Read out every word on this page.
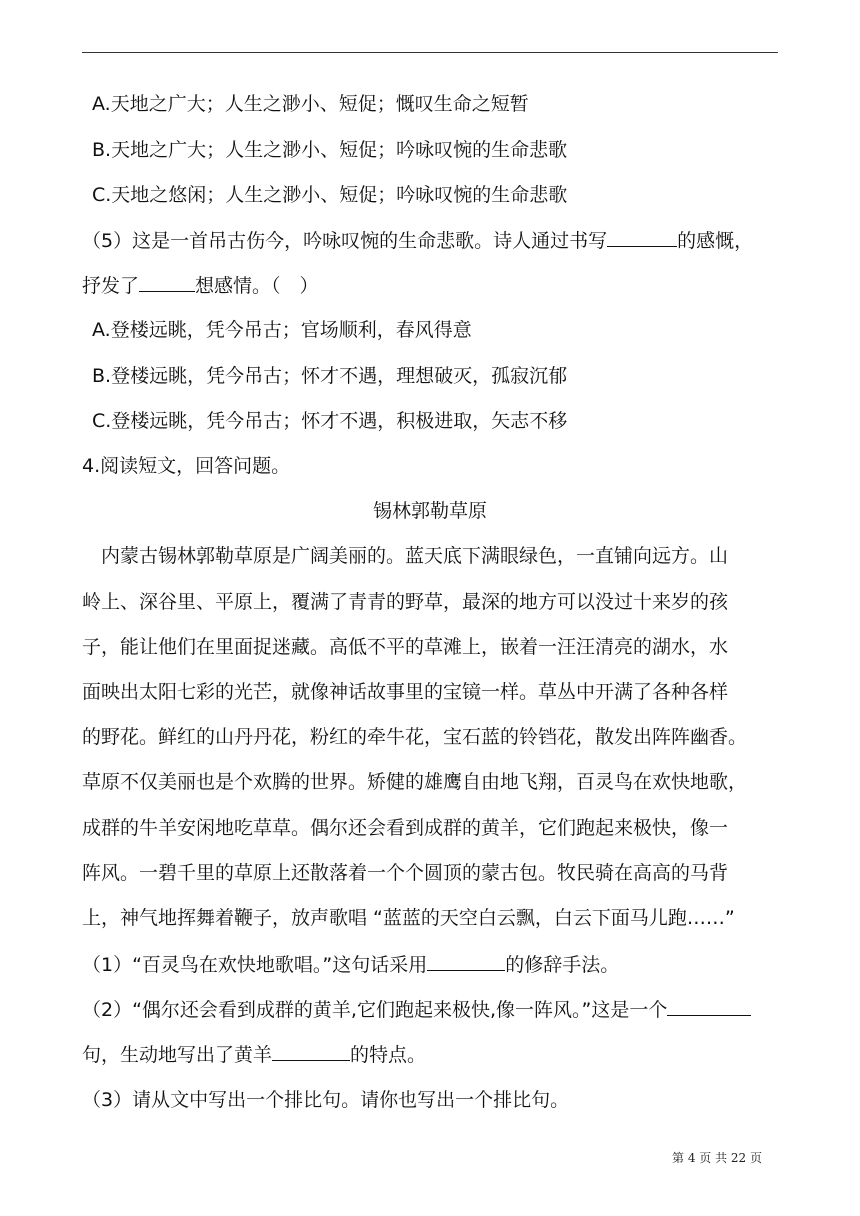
A.天地之广大；人生之渺小、短促；慨叹生命之短暂
B.天地之广大；人生之渺小、短促；吟咏叹惋的生命悲歌
C.天地之悠闲；人生之渺小、短促；吟咏叹惋的生命悲歌
（5）这是一首吊古伤今，吟咏叹惋的生命悲歌。诗人通过书写	的感慨，
抒发了	想感情。（　）
A.登楼远眺，凭今吊古；官场顺利，春风得意
B.登楼远眺，凭今吊古；怀才不遇，理想破灭，孤寂沉郁
C.登楼远眺，凭今吊古；怀才不遇，积极进取，矢志不移
4.阅读短文，回答问题。
锡林郭勒草原
　内蒙古锡林郭勒草原是广阔美丽的。蓝天底下满眼绿色，一直铺向远方。山
岭上、深谷里、平原上，覆满了青青的野草，最深的地方可以没过十来岁的孩
子，能让他们在里面捉迷藏。高低不平的草滩上，嵌着一汪汪清亮的湖水，水
面映出太阳七彩的光芒，就像神话故事里的宝镜一样。草丛中开满了各种各样
的野花。鲜红的山丹丹花，粉红的牵牛花，宝石蓝的铃铛花，散发出阵阵幽香。
草原不仅美丽也是个欢腾的世界。矫健的雄鹰自由地飞翔，百灵鸟在欢快地歌，
成群的牛羊安闲地吃草草。偶尔还会看到成群的黄羊，它们跑起来极快，像一
阵风。一碧千里的草原上还散落着一个个圆顶的蒙古包。牧民骑在高高的马背
上，神气地挥舞着鞭子，放声歌唱 “蓝蓝的天空白云飘，白云下面马儿跑……”
（1）“百灵鸟在欢快地歌唱。”这句话采用	的修辞手法。
（2）“偶尔还会看到成群的黄羊,它们跑起来极快,像一阵风。”这是一个
句，生动地写出了黄羊	的特点。
（3）请从文中写出一个排比句。请你也写出一个排比句。
第 4 页 共 22 页
